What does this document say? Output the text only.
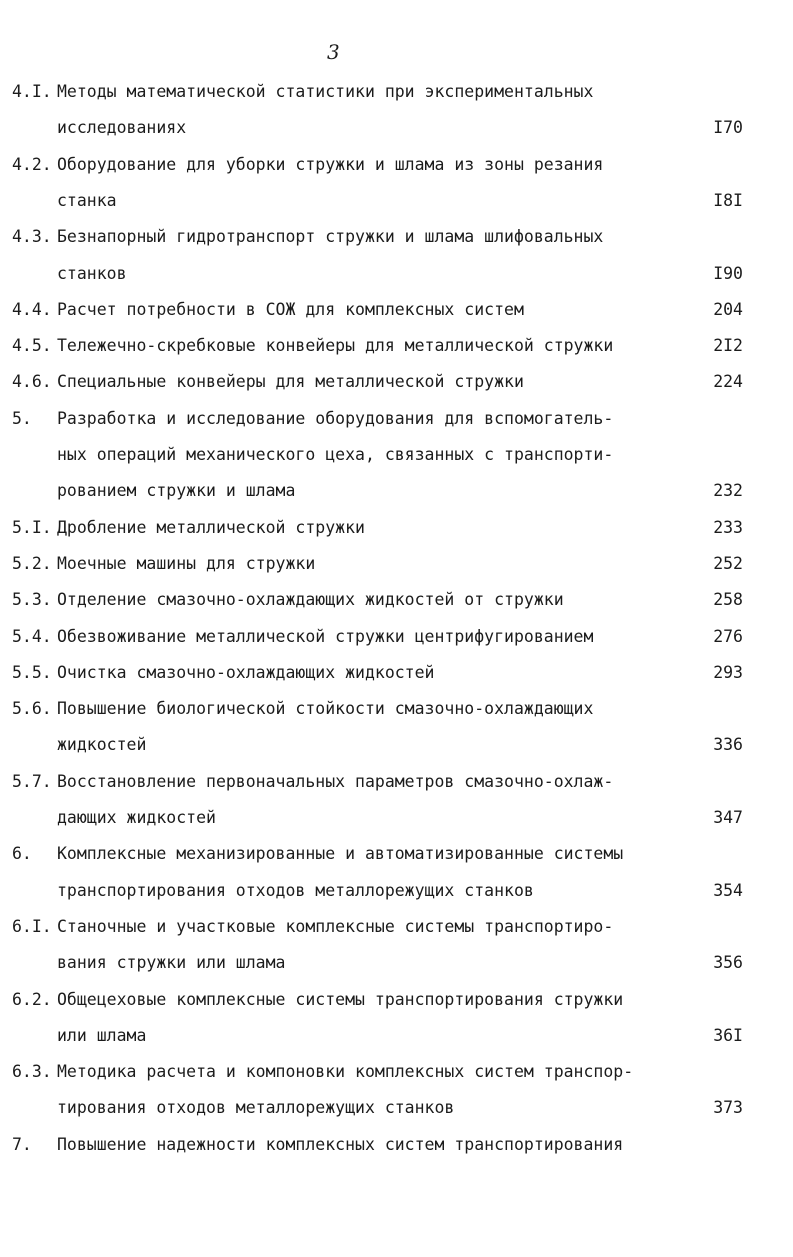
3
4.I. Методы математической статистики при экспериментальных
исследованиях	I70
4.2. Оборудование для уборки стружки и шлама из зоны резания
станка	I8I
4.3. Безнапорный гидротранспорт стружки и шлама шлифовальных
станков	I90
4.4. Расчет потребности в СОЖ для комплексных систем	204
4.5. Тележечно-скребковые конвейеры для металлической стружки	2I2
4.6. Специальные конвейеры для металлической стружки	224
5. Разработка и исследование оборудования для вспомогатель-
ных операций механического цеха, связанных с транспорти-
рованием стружки и шлама	232
5.I. Дробление металлической стружки	233
5.2. Моечные машины для стружки	252
5.3. Отделение смазочно-охлаждающих жидкостей от стружки	258
5.4. Обезвоживание металлической стружки центрифугированием	276
5.5. Очистка смазочно-охлаждающих жидкостей	293
5.6. Повышение биологической стойкости смазочно-охлаждающих
жидкостей	336
5.7. Восстановление первоначальных параметров смазочно-охлаж-
дающих жидкостей	347
6. Комплексные механизированные и автоматизированные системы
транспортирования отходов металлорежущих станков	354
6.I. Станочные и участковые комплексные системы транспортиро-
вания стружки или шлама	356
6.2. Общецеховые комплексные системы транспортирования стружки
или шлама	36I
6.3. Методика расчета и компоновки комплексных систем транспор-
тирования отходов металлорежущих станков	373
7. Повышение надежности комплексных систем транспортирования
